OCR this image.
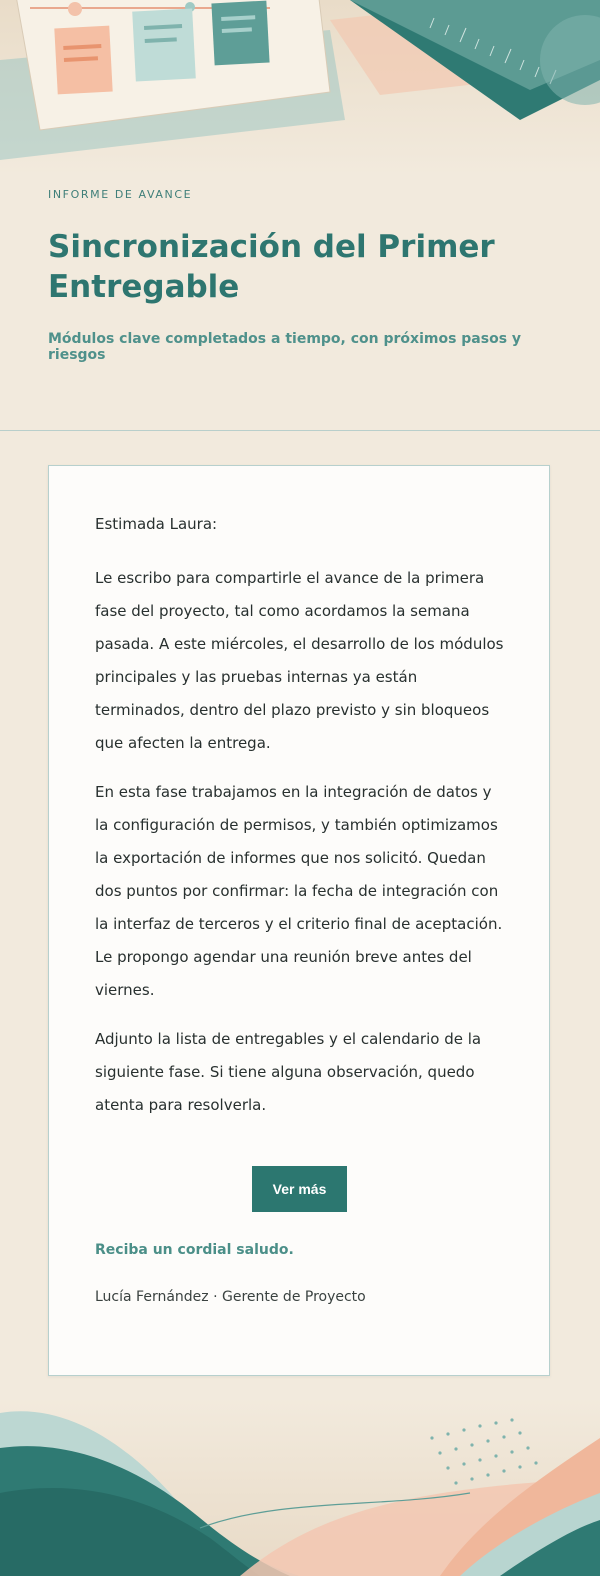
INFORME DE AVANCE
Sincronización del Primer Entregable
Módulos clave completados a tiempo, con próximos pasos y riesgos

Estimada Laura:

Le escribo para compartirle el avance de la primera fase del proyecto, tal como acordamos la semana pasada. A este miércoles, el desarrollo de los módulos principales y las pruebas internas ya están terminados, dentro del plazo previsto y sin bloqueos que afecten la entrega.

En esta fase trabajamos en la integración de datos y la configuración de permisos, y también optimizamos la exportación de informes que nos solicitó. Quedan dos puntos por confirmar: la fecha de integración con la interfaz de terceros y el criterio final de aceptación. Le propongo agendar una reunión breve antes del viernes.

Adjunto la lista de entregables y el calendario de la siguiente fase. Si tiene alguna observación, quedo atenta para resolverla.

Ver más
Reciba un cordial saludo.
Lucía Fernández · Gerente de Proyecto
